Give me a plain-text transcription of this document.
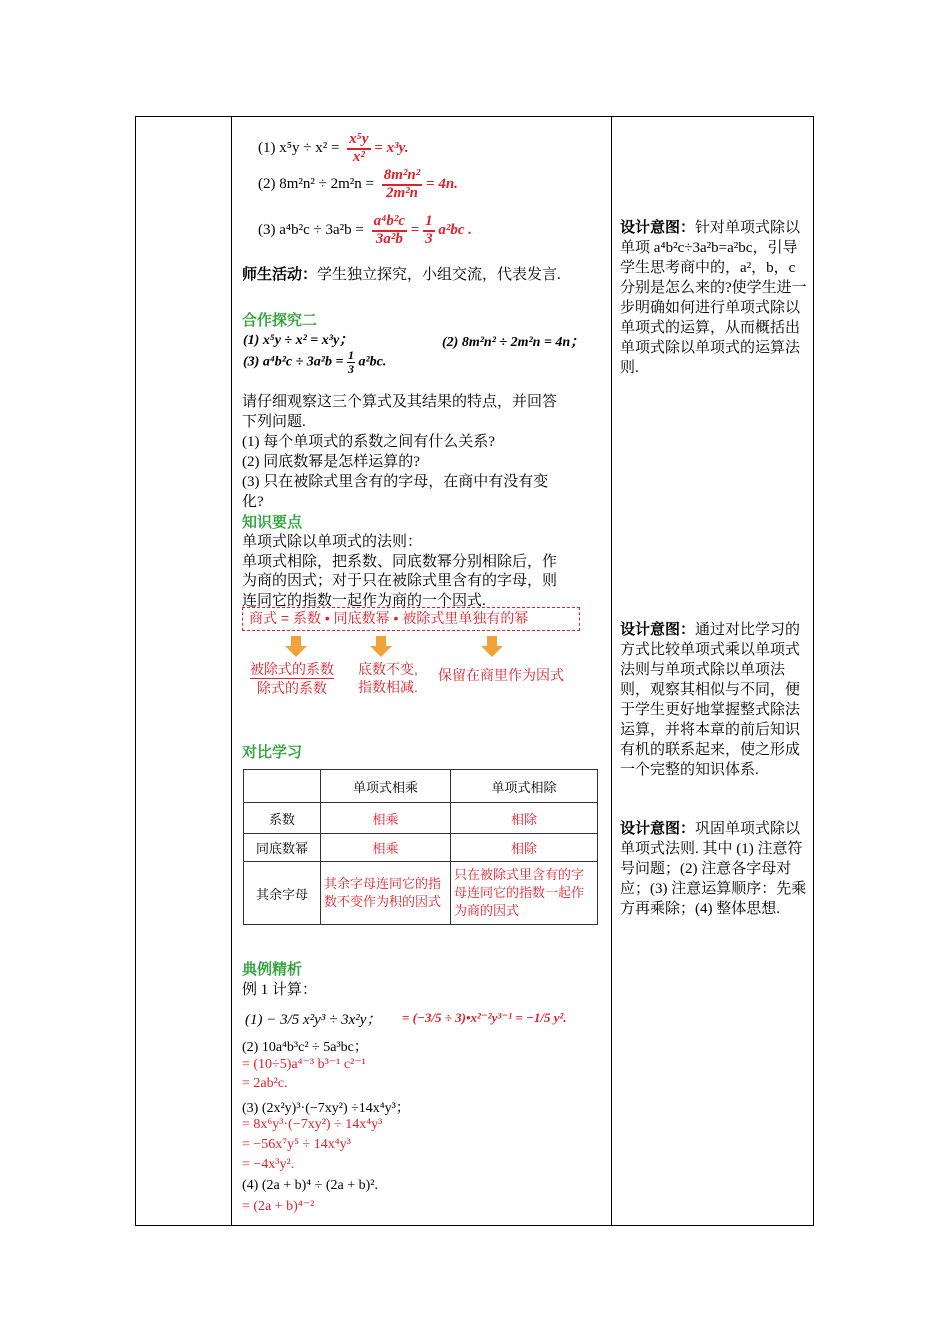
(1) $x^5y \div x^2 = \frac{\text{x⁵y}}{\text{x²}} = x^3y$.
(2) $8m^2n^2 \div 2m^2n = \frac{\text{8m²n²}}{\text{2m²n}} = 4n$.
(3) $a^4b^2c \div 3a^2b = \frac{\text{a⁴b²c}}{\text{3a²b}} = \frac{1}{3} a^2bc$ .
师生活动：学生独立探究，小组交流，代表发言.
合作探究二
(1) x⁵y ÷ x² = x³y；	(2) 8m²n² ÷ 2m²n = 4n；
(3) $a^4b^2c \div 3a^2b = \frac{1}{3} a^2bc$.
请仔细观察这三个算式及其结果的特点，并回答
下列问题.
(1) 每个单项式的系数之间有什么关系?
(2) 同底数幂是怎样运算的?
(3) 只在被除式里含有的字母，在商中有没有变
化?
知识要点
单项式除以单项式的法则：
单项式相除，把系数、同底数幂分别相除后，作
为商的因式；对于只在被除式里含有的字母，则
连同它的指数一起作为商的一个因式.
商式 = 系数 • 同底数幂 • 被除式里单独有的幂
被除式的系数
除式的系数
底数不变,
指数相减.
保留在商里作为因式
对比学习
	单项式相乘	单项式相除
系数	相乘	相除
同底数幂	相乘	相除
其余字母	其余字母连同它的指数不变作为积的因式	只在被除式里含有的字母连同它的指数一起作为商的因式
典例精析
例 1 计算：
(1) − 3/5 x²y³ ÷ 3x²y； = (−3/5 ÷ 3)•x²⁻²y³⁻¹ = −1/5 y².
(2) 10a⁴b³c² ÷ 5a³bc；
= (10÷5)a⁴⁻³ b³⁻¹ c²⁻¹
= 2ab²c.
(3) (2x²y)³·(−7xy²) ÷14x⁴y³；
= 8x⁶y³·(−7xy²) ÷ 14x⁴y³
= −56x⁷y⁵ ÷ 14x⁴y³
= −4x³y².
(4) (2a + b)⁴ ÷ (2a + b)².
= (2a + b)⁴⁻²
设计意图：针对单项式除以单项 a⁴b²c÷3a²b=a²bc，引导学生思考商中的，a²，b，c 分别是怎么来的?使学生进一步明确如何进行单项式除以单项式的运算，从而概括出单项式除以单项式的运算法则.
设计意图：通过对比学习的方式比较单项式乘以单项式法则与单项式除以单项法则，观察其相似与不同，便于学生更好地掌握整式除法运算，并将本章的前后知识有机的联系起来，使之形成一个完整的知识体系.
设计意图：巩固单项式除以单项式法则. 其中 (1) 注意符号问题；(2) 注意各字母对应；(3) 注意运算顺序：先乘方再乘除；(4) 整体思想.
